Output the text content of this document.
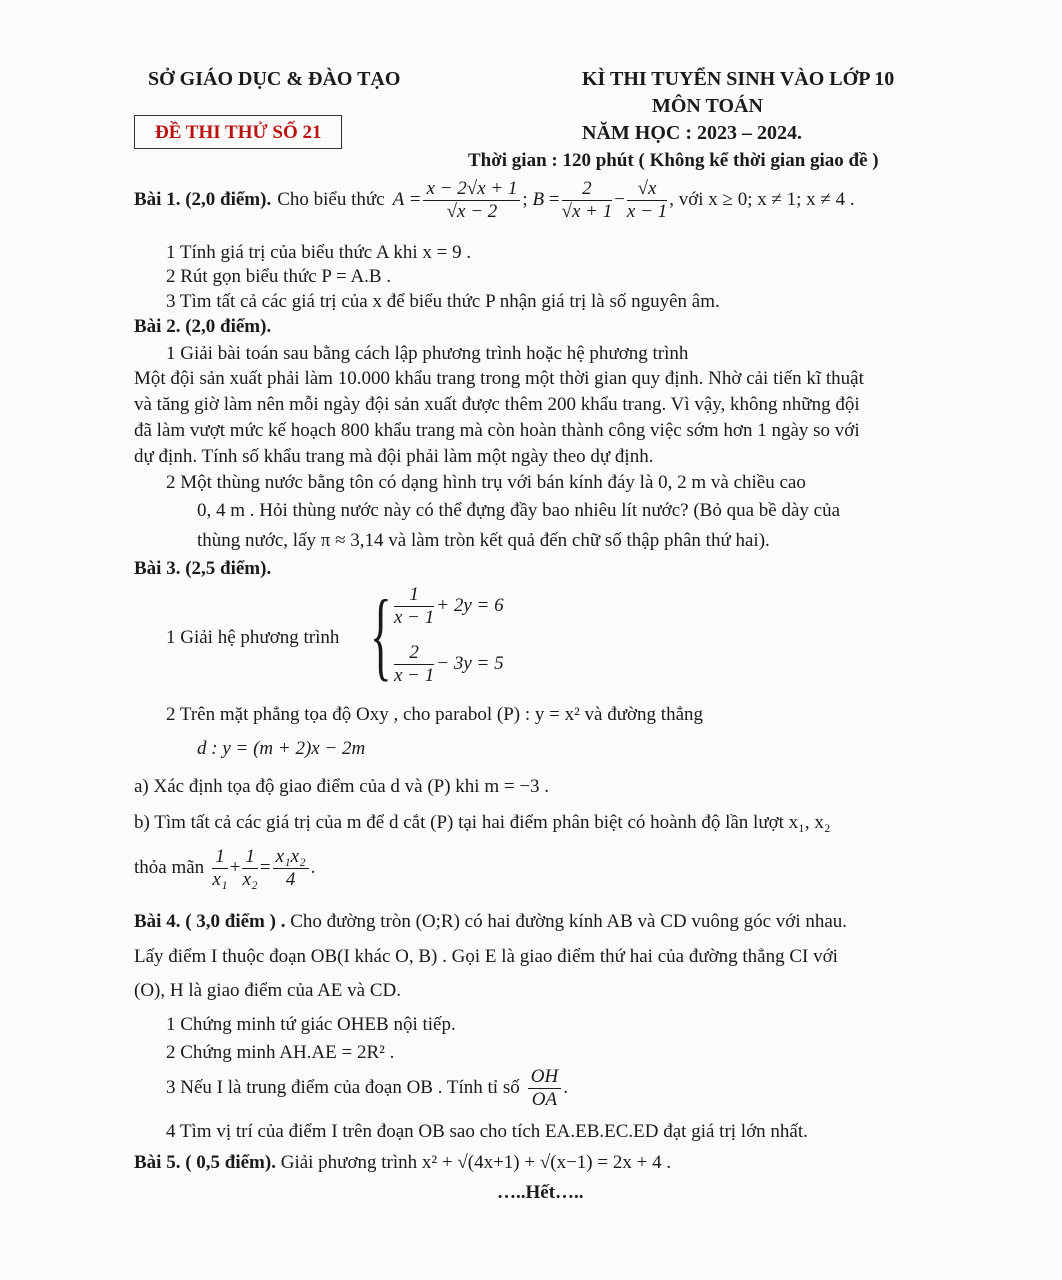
SỞ GIÁO DỤC & ĐÀO TẠO
ĐỀ THI THỬ SỐ 21
KÌ THI TUYỂN SINH VÀO LỚP 10
MÔN TOÁN
NĂM HỌC : 2023 – 2024.
Thời gian : 120 phút ( Không kể thời gian giao đề )
Bài 1. (2,0 điểm). Cho biểu thức $A = \frac{x - 2√x + 1}{√x - 2}$ ; $B = \frac{2}{√x + 1} - \frac{√x}{x - 1}$ , với x ≥ 0; x ≠ 1; x ≠ 4 .
1 Tính giá trị của biểu thức A khi x = 9 .
2 Rút gọn biểu thức P = A.B .
3 Tìm tất cả các giá trị của x để biểu thức P nhận giá trị là số nguyên âm.
Bài 2. (2,0 điểm).
1 Giải bài toán sau bằng cách lập phương trình hoặc hệ phương trình
Một đội sản xuất phải làm 10.000 khẩu trang trong một thời gian quy định. Nhờ cải tiến kĩ thuật
và tăng giờ làm nên mỗi ngày đội sản xuất được thêm 200 khẩu trang. Vì vậy, không những đội
đã làm vượt mức kế hoạch 800 khẩu trang mà còn hoàn thành công việc sớm hơn 1 ngày so với
dự định. Tính số khẩu trang mà đội phải làm một ngày theo dự định.
2 Một thùng nước bằng tôn có dạng hình trụ với bán kính đáy là 0, 2 m và chiều cao
0, 4 m . Hỏi thùng nước này có thể đựng đầy bao nhiêu lít nước? (Bỏ qua bề dày của
thùng nước, lấy π ≈ 3,14 và làm tròn kết quả đến chữ số thập phân thứ hai).
Bài 3. (2,5 điểm).
1 Giải hệ phương trình { $\frac{1}{x - 1} + 2y = 6$
$\frac{2}{x - 1} - 3y = 5$
2 Trên mặt phẳng tọa độ Oxy , cho parabol (P) : y = x² và đường thẳng
d : y = (m + 2)x − 2m
a) Xác định tọa độ giao điểm của d và (P) khi m = −3 .
b) Tìm tất cả các giá trị của m để d cắt (P) tại hai điểm phân biệt có hoành độ lần lượt x₁, x₂
thỏa mãn $\frac{1}{\text{x₁}} + \frac{1}{\text{x₂}} = \frac{\text{x₁x₂}}{4}$ .
Bài 4. ( 3,0 điểm ) . Cho đường tròn (O;R) có hai đường kính AB và CD vuông góc với nhau.
Lấy điểm I thuộc đoạn OB(I khác O, B) . Gọi E là giao điểm thứ hai của đường thẳng CI với
(O), H là giao điểm của AE và CD.
1 Chứng minh tứ giác OHEB nội tiếp.
2 Chứng minh AH.AE = 2R² .
3 Nếu I là trung điểm của đoạn OB . Tính tỉ số $\frac{OH}{OA}$ .
4 Tìm vị trí của điểm I trên đoạn OB sao cho tích EA.EB.EC.ED đạt giá trị lớn nhất.
Bài 5. ( 0,5 điểm). Giải phương trình x² + √(4x+1) + √(x−1) = 2x + 4 .
…..Hết…..
